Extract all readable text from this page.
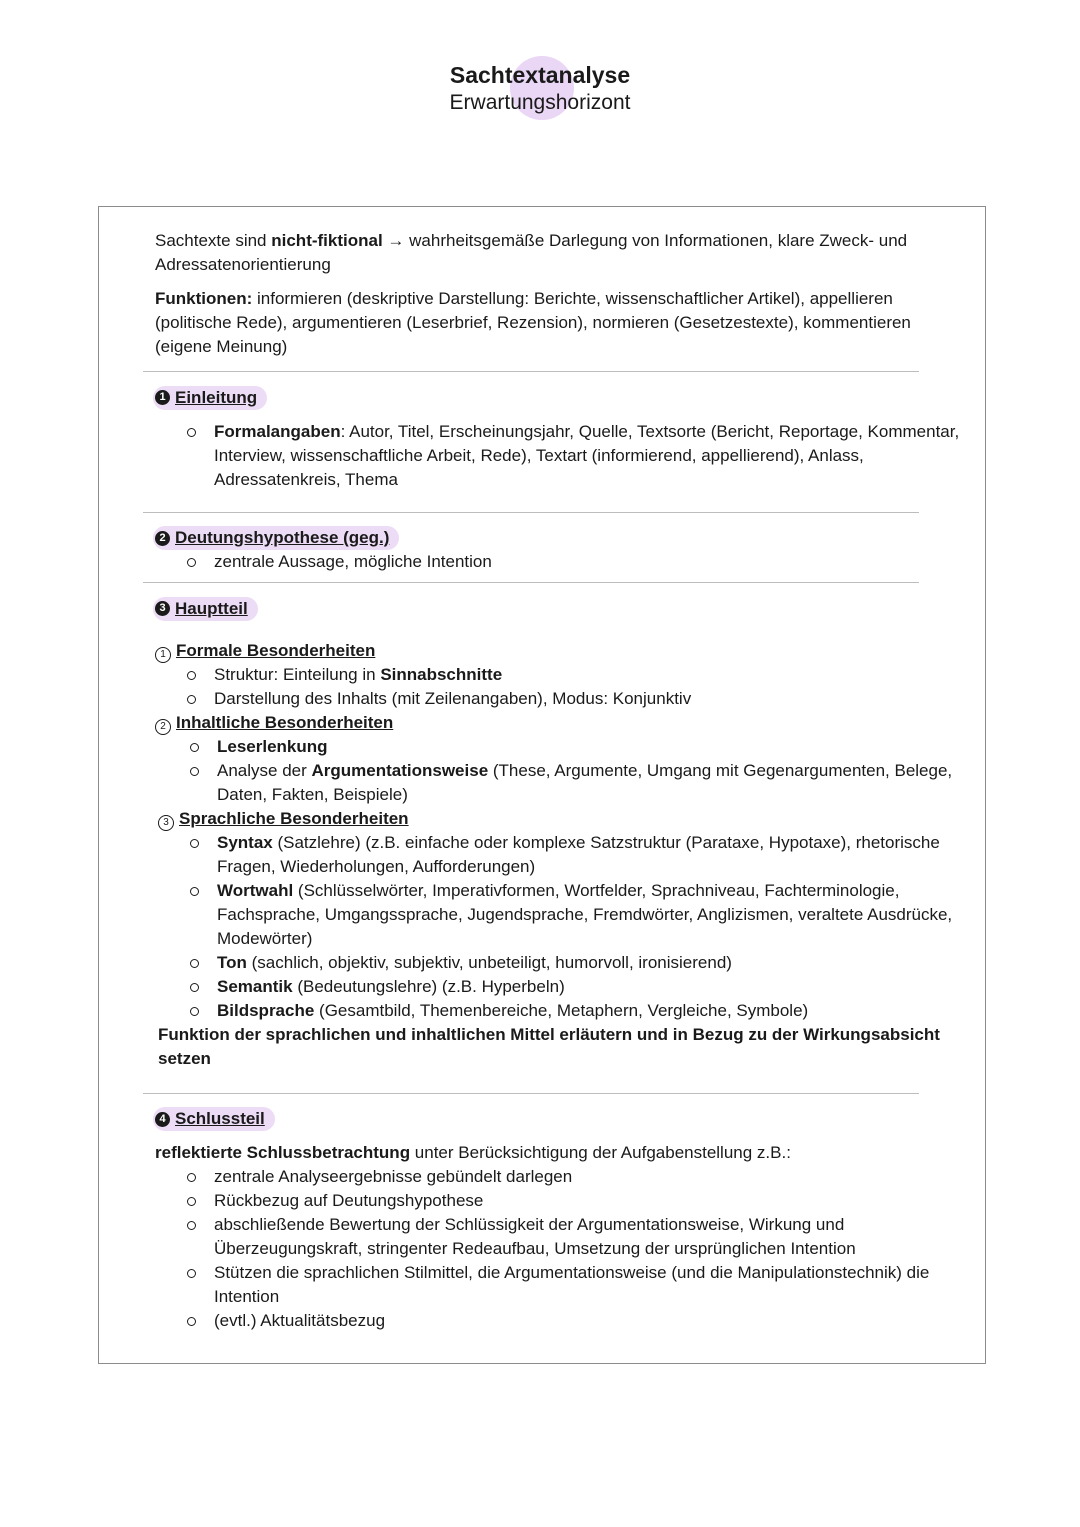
Sachtextanalyse
Erwartungshorizont

Sachtexte sind nicht-fiktional → wahrheitsgemäße Darlegung von Informationen, klare Zweck- und Adressatenorientierung

Funktionen: informieren (deskriptive Darstellung: Berichte, wissenschaftlicher Artikel), appellieren (politische Rede), argumentieren (Leserbrief, Rezension), normieren (Gesetzestexte), kommentieren (eigene Meinung)

1 Einleitung
Formalangaben: Autor, Titel, Erscheinungsjahr, Quelle, Textsorte (Bericht, Reportage, Kommentar, Interview, wissenschaftliche Arbeit, Rede), Textart (informierend, appellierend), Anlass, Adressatenkreis, Thema
2 Deutungshypothese (geg.)
zentrale Aussage, mögliche Intention
3 Hauptteil
1 Formale Besonderheiten
Struktur: Einteilung in Sinnabschnitte
Darstellung des Inhalts (mit Zeilenangaben), Modus: Konjunktiv
2 Inhaltliche Besonderheiten
Leserlenkung
Analyse der Argumentationsweise (These, Argumente, Umgang mit Gegenargumenten, Belege, Daten, Fakten, Beispiele)
3 Sprachliche Besonderheiten
Syntax (Satzlehre) (z.B. einfache oder komplexe Satzstruktur (Parataxe, Hypotaxe), rhetorische Fragen, Wiederholungen, Aufforderungen)
Wortwahl (Schlüsselwörter, Imperativformen, Wortfelder, Sprachniveau, Fachterminologie, Fachsprache, Umgangssprache, Jugendsprache, Fremdwörter, Anglizismen, veraltete Ausdrücke, Modewörter)
Ton (sachlich, objektiv, subjektiv, unbeteiligt, humorvoll, ironisierend)
Semantik (Bedeutungslehre) (z.B. Hyperbeln)
Bildsprache (Gesamtbild, Themenbereiche, Metaphern, Vergleiche, Symbole)
Funktion der sprachlichen und inhaltlichen Mittel erläutern und in Bezug zu der Wirkungsabsicht setzen
4 Schlussteil
reflektierte Schlussbetrachtung unter Berücksichtigung der Aufgabenstellung z.B.:
zentrale Analyseergebnisse gebündelt darlegen
Rückbezug auf Deutungshypothese
abschließende Bewertung der Schlüssigkeit der Argumentationsweise, Wirkung und Überzeugungskraft, stringenter Redeaufbau, Umsetzung der ursprünglichen Intention
Stützen die sprachlichen Stilmittel, die Argumentationsweise (und die Manipulationstechnik) die Intention
(evtl.) Aktualitätsbezug
